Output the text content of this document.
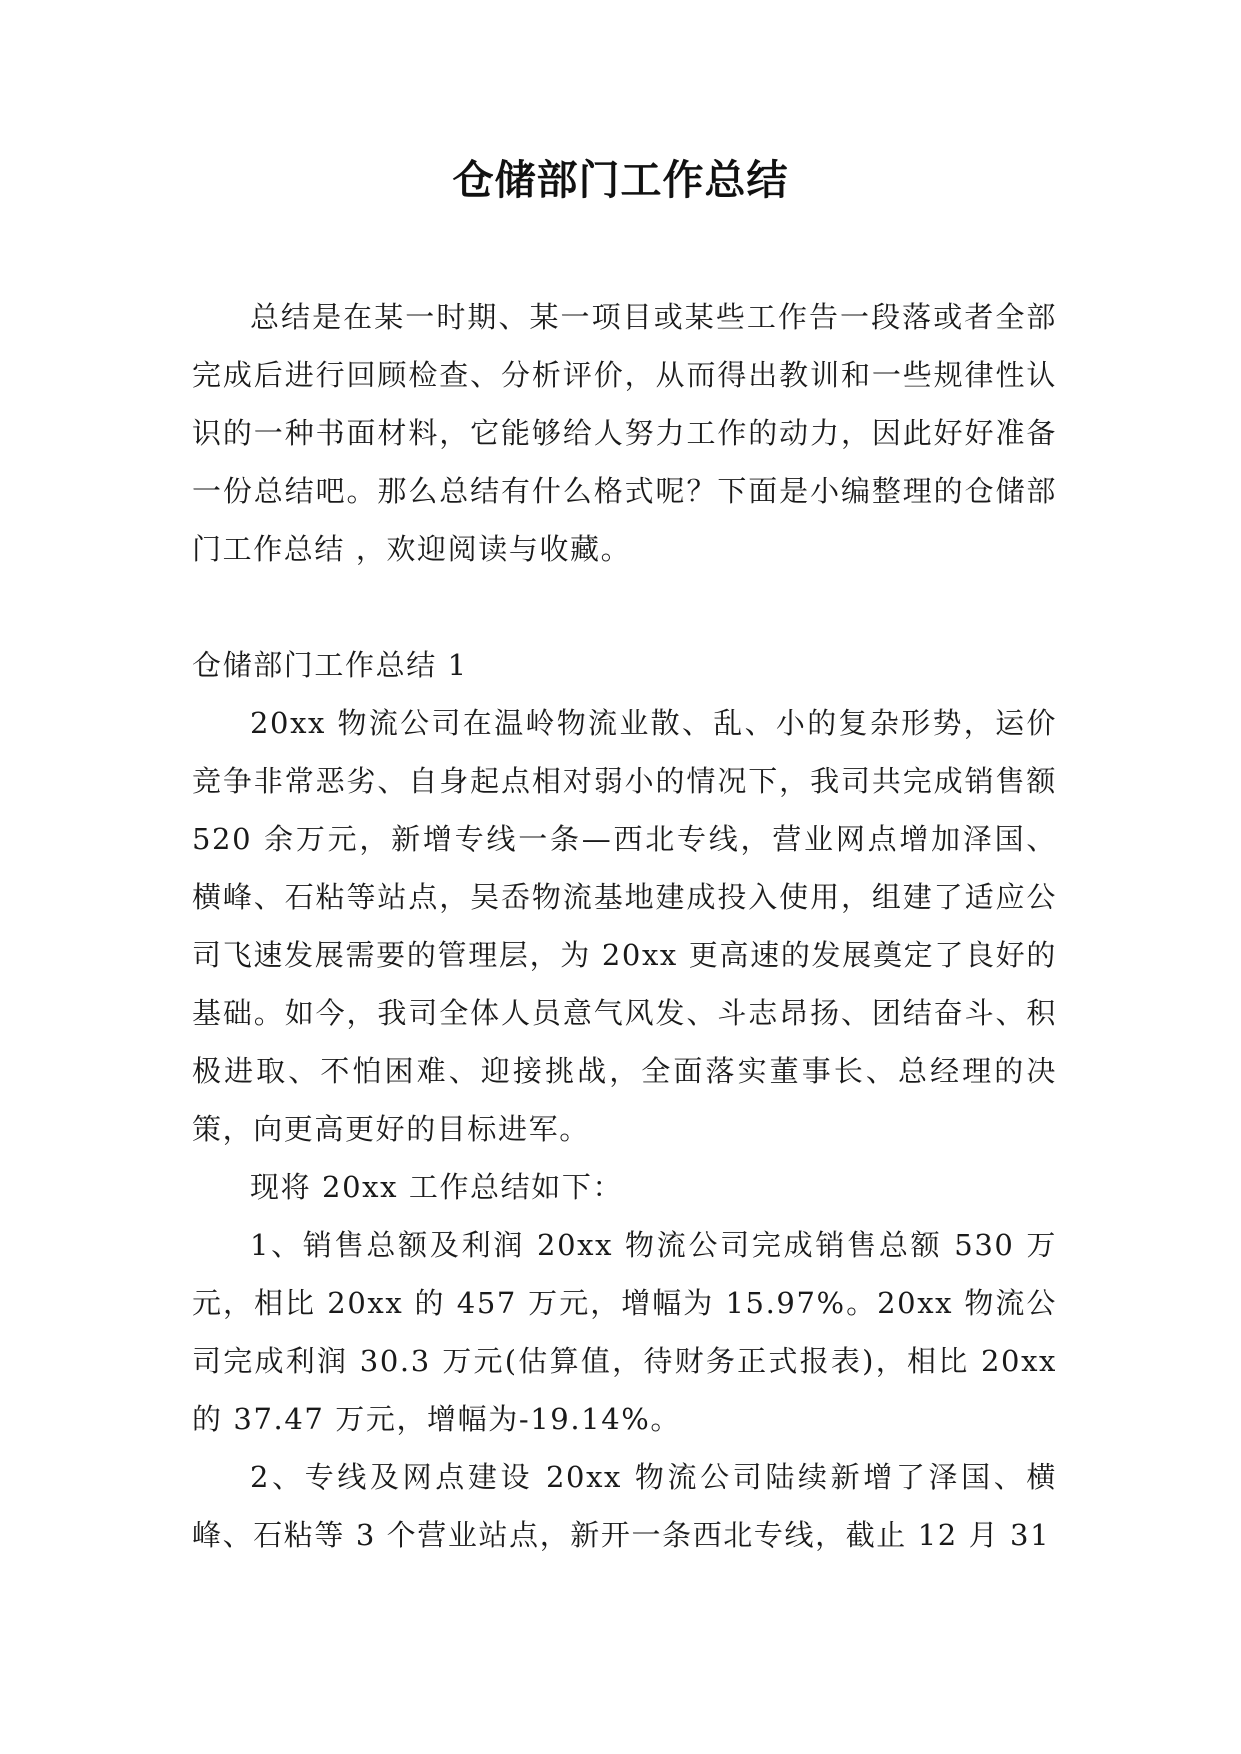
仓储部门工作总结

总结是在某一时期、某一项目或某些工作告一段落或者全部完成后进行回顾检查、分析评价，从而得出教训和一些规律性认识的一种书面材料，它能够给人努力工作的动力，因此好好准备一份总结吧。那么总结有什么格式呢？下面是小编整理的仓储部门工作总结 ，欢迎阅读与收藏。

仓储部门工作总结 1

20xx 物流公司在温岭物流业散、乱、小的复杂形势，运价竞争非常恶劣、自身起点相对弱小的情况下，我司共完成销售额 520 余万元，新增专线一条—西北专线，营业网点增加泽国、横峰、石粘等站点，吴岙物流基地建成投入使用，组建了适应公司飞速发展需要的管理层，为 20xx 更高速的发展奠定了良好的基础。如今，我司全体人员意气风发、斗志昂扬、团结奋斗、积极进取、不怕困难、迎接挑战，全面落实董事长、总经理的决策，向更高更好的目标进军。

现将 20xx 工作总结如下：

1、销售总额及利润 20xx 物流公司完成销售总额 530 万元，相比 20xx 的 457 万元，增幅为 15.97%。20xx 物流公司完成利润 30.3 万元(估算值，待财务正式报表)，相比 20xx 的 37.47 万元，增幅为-19.14%。

2、专线及网点建设 20xx 物流公司陆续新增了泽国、横峰、石粘等 3 个营业站点，新开一条西北专线，截止 12 月 31
